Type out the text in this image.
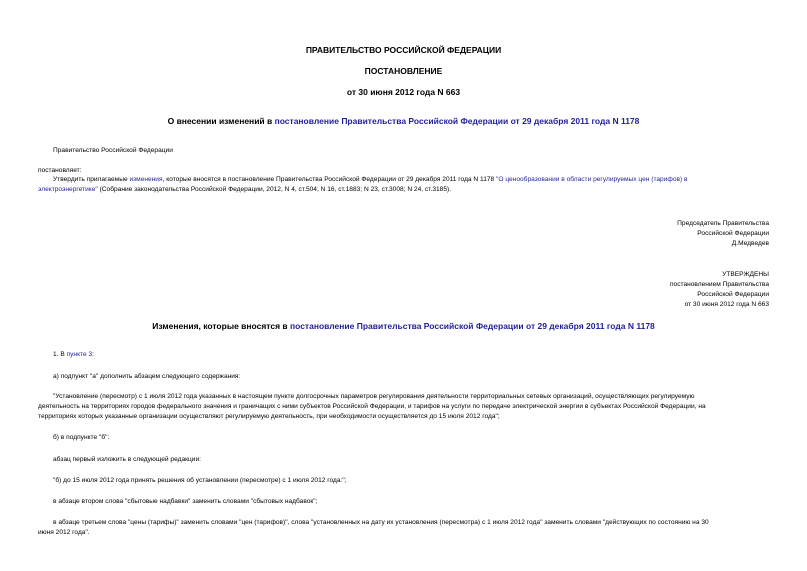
ПРАВИТЕЛЬСТВО РОССИЙСКОЙ ФЕДЕРАЦИИ
ПОСТАНОВЛЕНИЕ
от 30 июня 2012 года N 663
О внесении изменений в постановление Правительства Российской Федерации от 29 декабря 2011 года N 1178
Правительство Российской Федерации
постановляет:
Утвердить прилагаемые изменения, которые вносятся в постановление Правительства Российской Федерации от 29 декабря 2011 года N 1178 "О ценообразовании в области регулируемых цен (тарифов) в
электроэнергетике" (Собрание законодательства Российской Федерации, 2012, N 4, ст.504; N 16, ст.1883; N 23, ст.3008; N 24, ст.3185).
Председатель Правительства
Российской Федерации
Д.Медведев
УТВЕРЖДЕНЫ
постановлением Правительства
Российской Федерации
от 30 июня 2012 года N 663
Изменения, которые вносятся в постановление Правительства Российской Федерации от 29 декабря 2011 года N 1178
1. В пункте 3:
а) подпункт "а" дополнить абзацем следующего содержания:
"Установление (пересмотр) с 1 июля 2012 года указанных в настоящем пункте долгосрочных параметров регулирования деятельности территориальных сетевых организаций, осуществляющих регулируемую
деятельность на территориях городов федерального значения и граничащих с ними субъектов Российской Федерации, и тарифов на услуги по передаче электрической энергии в субъектах Российской Федерации, на
территориях которых указанные организации осуществляют регулируемую деятельность, при необходимости осуществляется до 15 июля 2012 года";
б) в подпункте "б":
абзац первый изложить в следующей редакции:
"б) до 15 июля 2012 года принять решения об установлении (пересмотре) с 1 июля 2012 года:";
в абзаце втором слова "сбытовые надбавки" заменить словами "сбытовых надбавок";
в абзаце третьем слова "цены (тарифы)" заменить словами "цен (тарифов)", слова "установленных на дату их установления (пересмотра) с 1 июля 2012 года" заменить словами "действующих по состоянию на 30
июня 2012 года".
